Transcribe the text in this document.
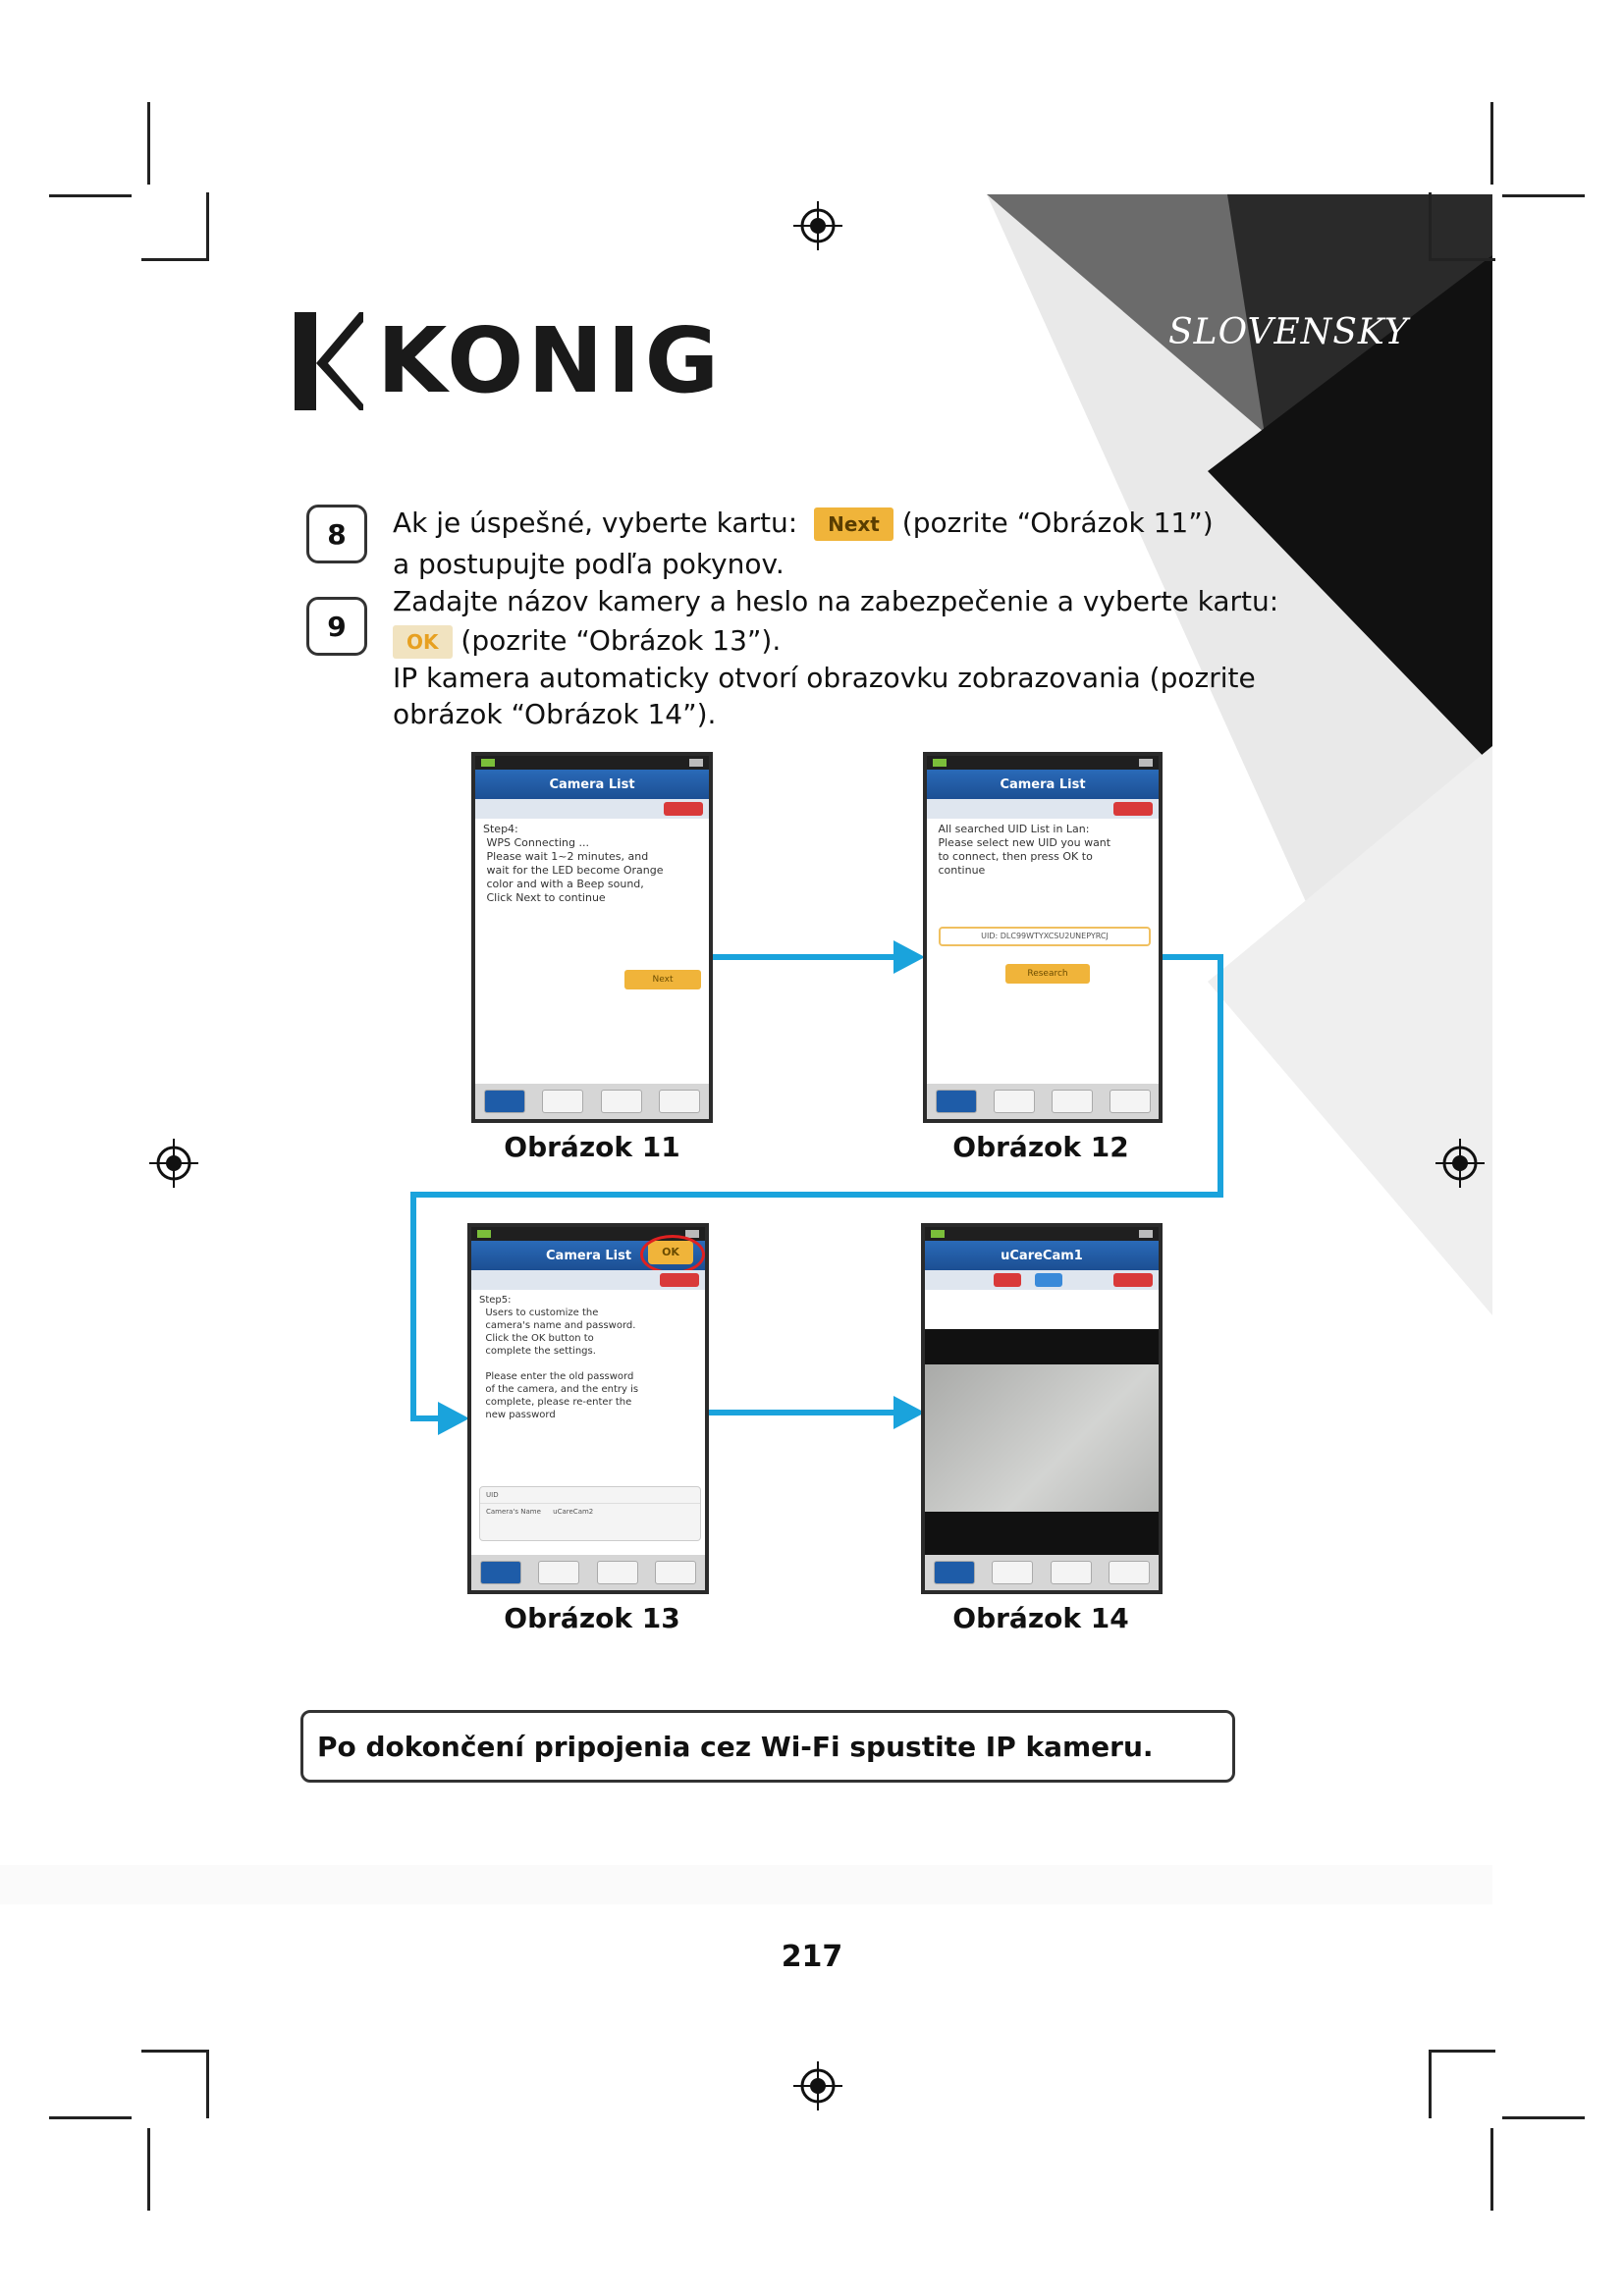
KONIG	SLOVENSKY
8	Ak je úspešné, vyberte kartu: Next (pozrite “Obrázok 11”)
a postupujte podľa pokynov.
9
Zadajte názov kamery a heslo na zabezpečenie a vyberte kartu:
OK (pozrite “Obrázok 13”).
IP kamera automaticky otvorí obrazovku zobrazovania (pozrite
obrázok “Obrázok 14”).
Camera List
Step4:
WPS Connecting ...
Please wait 1~2 minutes, and
wait for the LED become Orange
color and with a Beep sound,
Click Next to continue
Next
Obrázok 11
Camera List
All searched UID List in Lan:
Please select new UID you want
to connect, then press OK to
continue
UID: DLC99WTYXCSU2UNEPYRCJ
Research
Obrázok 12
Camera List	OK
Step5:
Users to customize the
camera's name and password.
Click the OK button to
complete the settings.

Please enter the old password
of the camera, and the entry is
complete, please re-enter the
new password
UID
Camera's Name uCareCam2
Obrázok 13
uCareCam1
Obrázok 14
Po dokončení pripojenia cez Wi-Fi spustite IP kameru.
217
